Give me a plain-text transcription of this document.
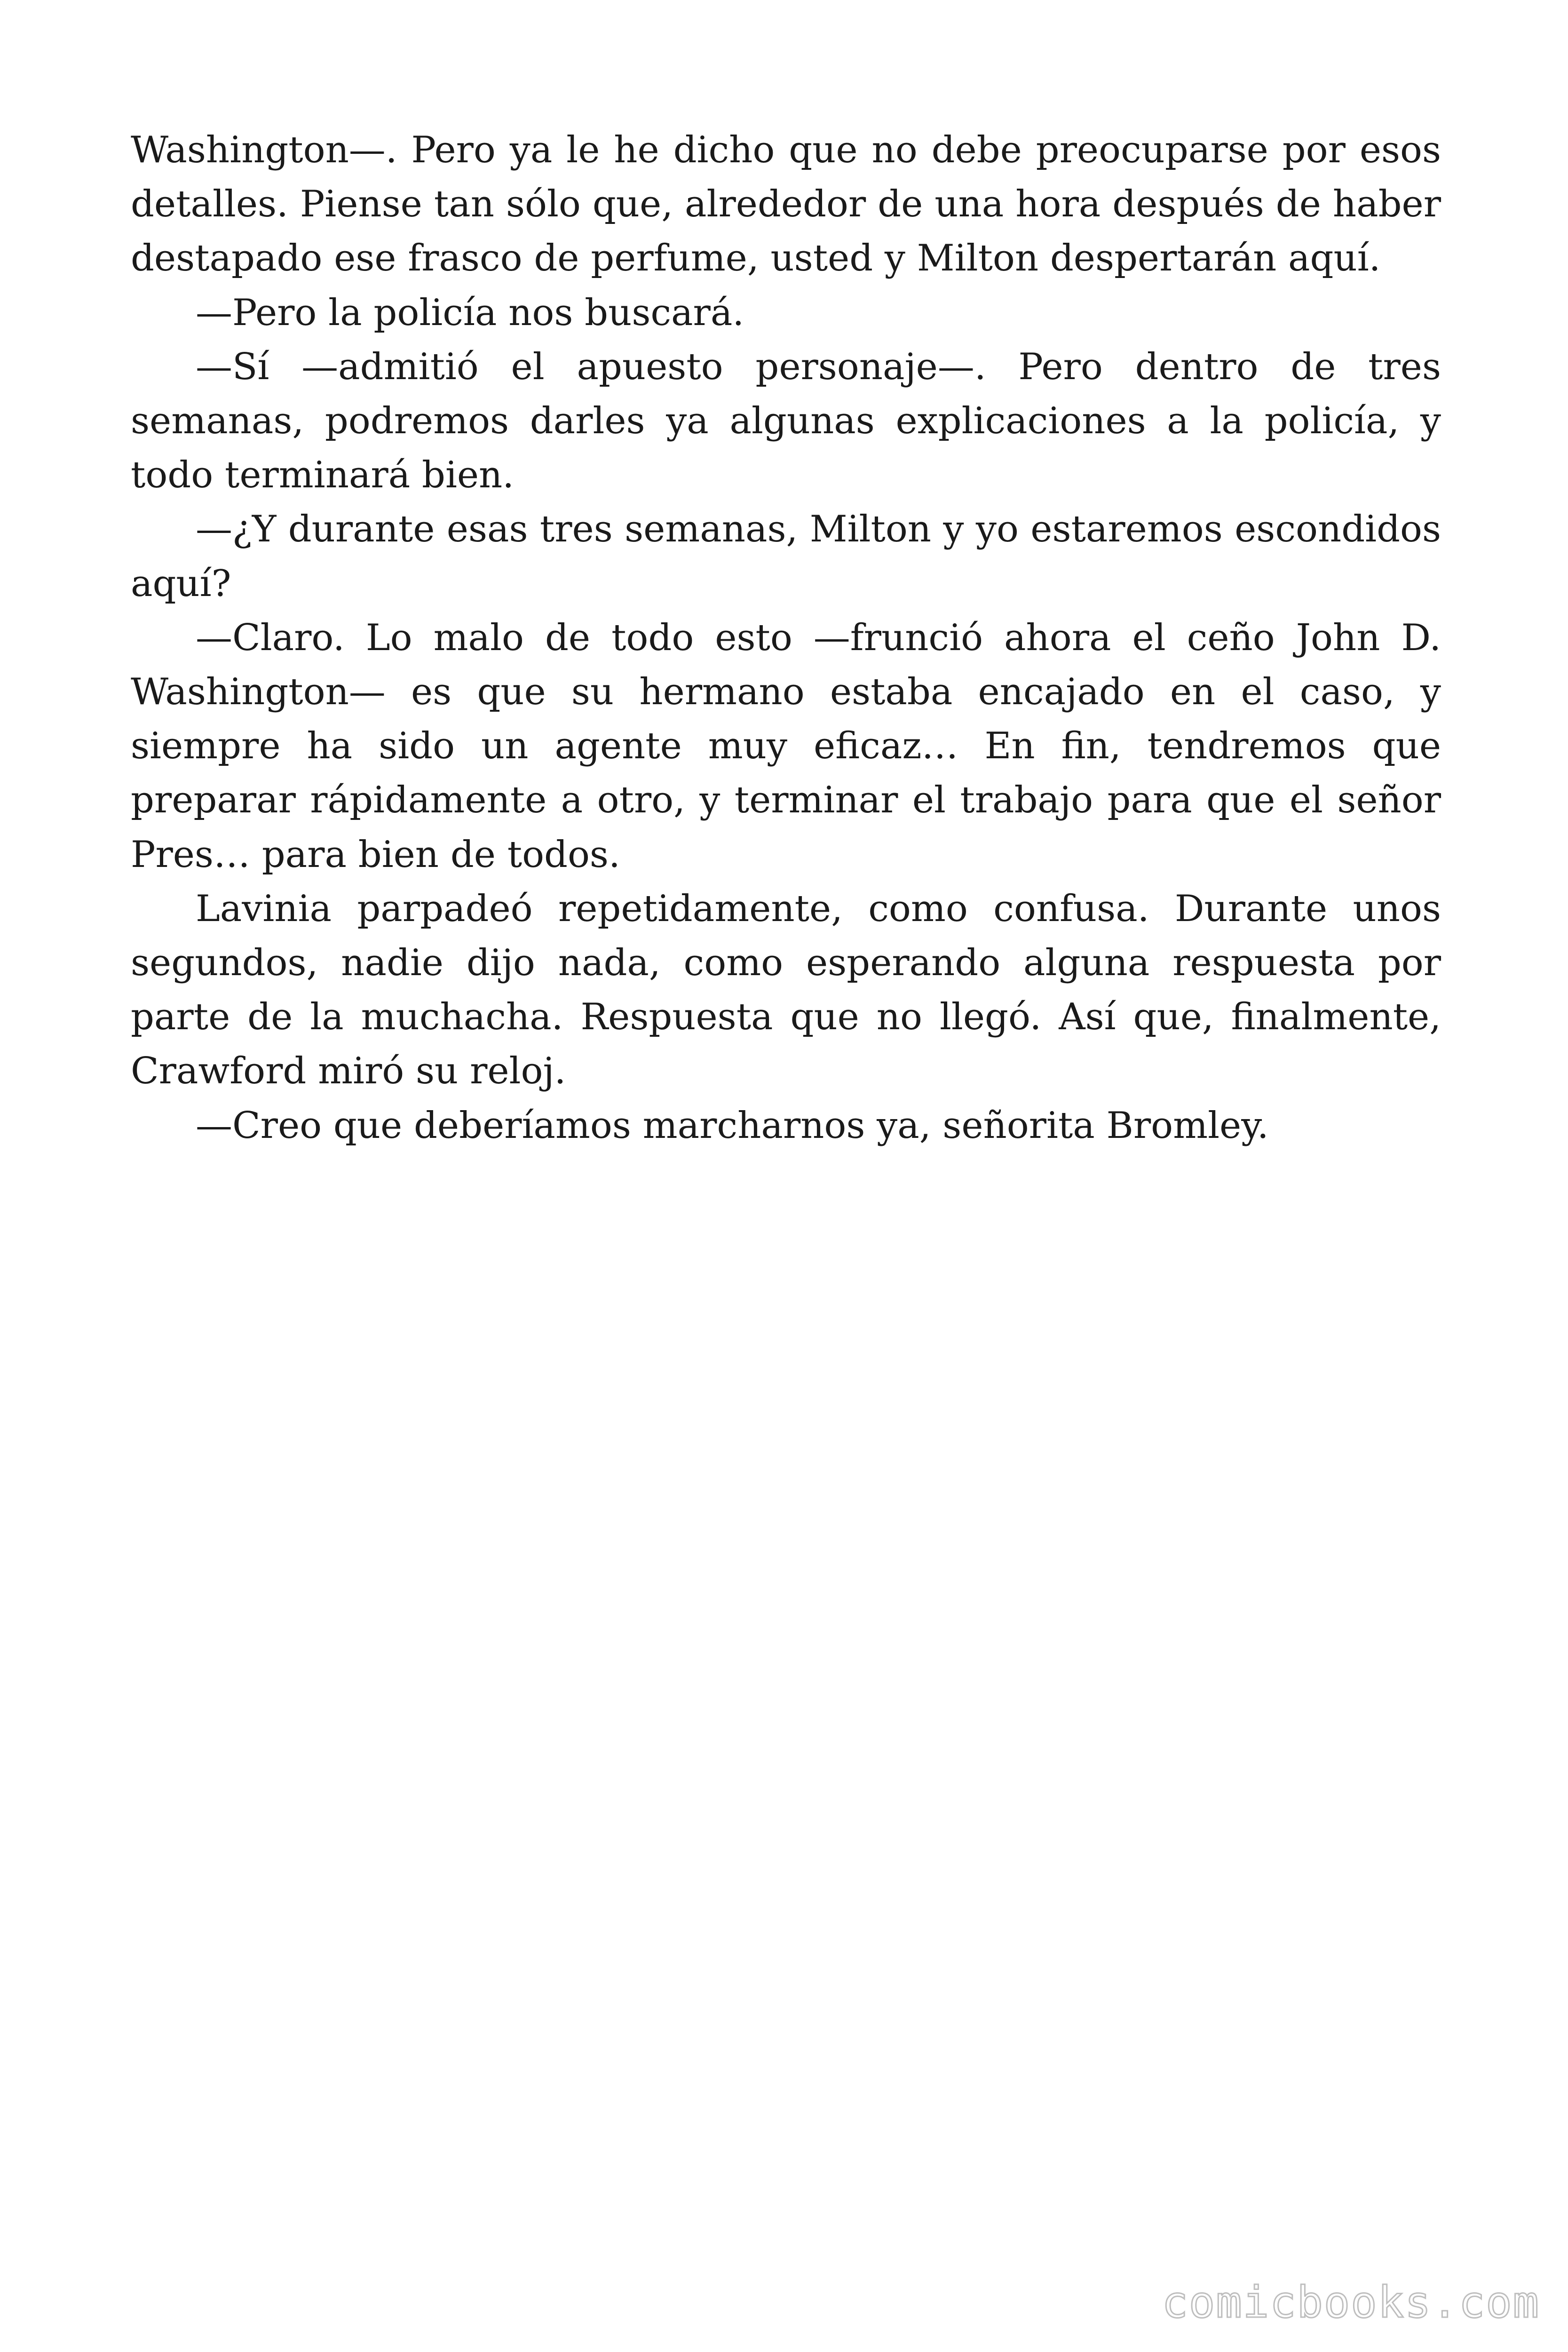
Washington—. Pero ya le he dicho que no debe preocuparse por esos detalles. Piense tan sólo que, alrededor de una hora después de haber destapado ese frasco de perfume, usted y Milton despertarán aquí.

—Pero la policía nos buscará.

—Sí —admitió el apuesto personaje—. Pero dentro de tres semanas, podremos darles ya algunas explicaciones a la policía, y todo terminará bien.

—¿Y durante esas tres semanas, Milton y yo estaremos escondidos aquí?

—Claro. Lo malo de todo esto —frunció ahora el ceño John D. Washington— es que su hermano estaba encajado en el caso, y siempre ha sido un agente muy eficaz… En fin, tendremos que preparar rápidamente a otro, y terminar el trabajo para que el señor Pres… para bien de todos.

Lavinia parpadeó repetidamente, como confusa. Durante unos segundos, nadie dijo nada, como esperando alguna respuesta por parte de la muchacha. Respuesta que no llegó. Así que, finalmente, Crawford miró su reloj.

—Creo que deberíamos marcharnos ya, señorita Bromley.

comicbooks.com
